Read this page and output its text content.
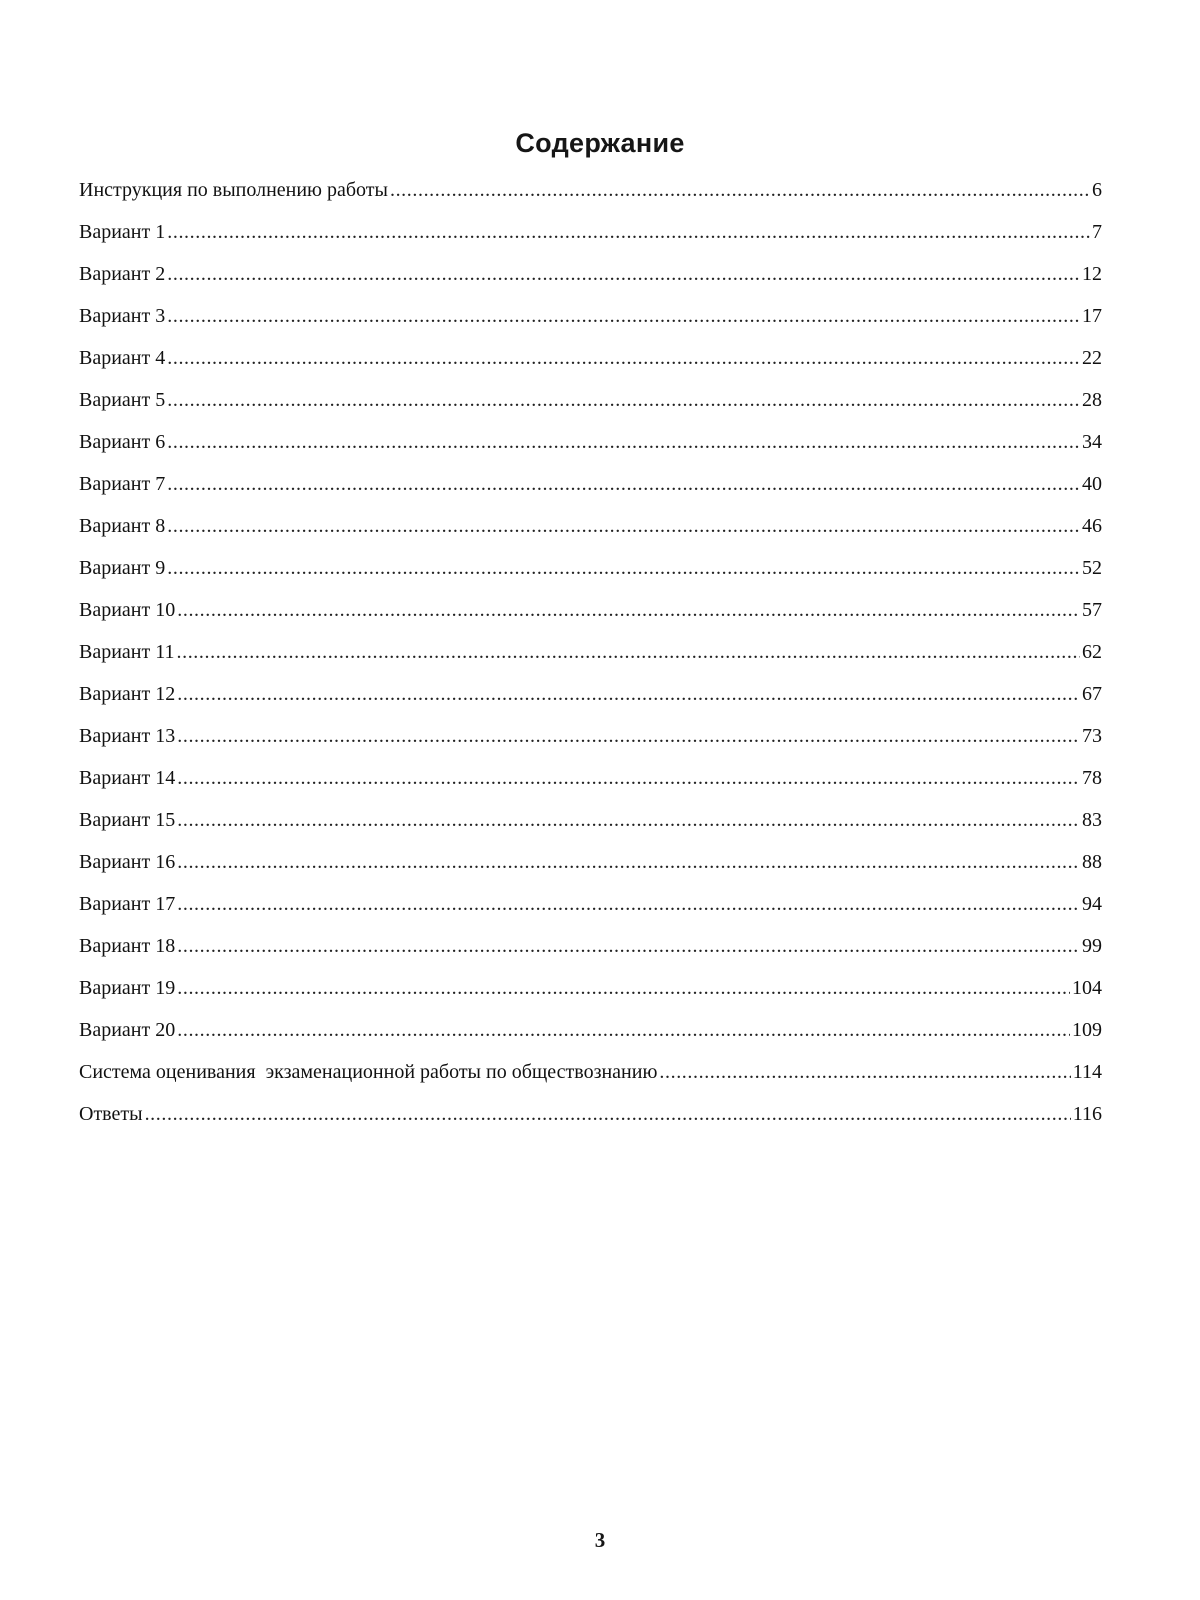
Содержание
Инструкция по выполнению работы .....	6
Вариант 1 .....	7
Вариант 2 .....	12
Вариант 3 .....	17
Вариант 4 .....	22
Вариант 5 .....	28
Вариант 6 .....	34
Вариант 7 .....	40
Вариант 8 .....	46
Вариант 9 .....	52
Вариант 10 .....	57
Вариант 11 .....	62
Вариант 12 .....	67
Вариант 13 .....	73
Вариант 14 .....	78
Вариант 15 .....	83
Вариант 16 .....	88
Вариант 17 .....	94
Вариант 18 .....	99
Вариант 19 .....	104
Вариант 20 .....	109
Система оценивания  экзаменационной работы по обществознанию .....	114
Ответы .....	116
3
